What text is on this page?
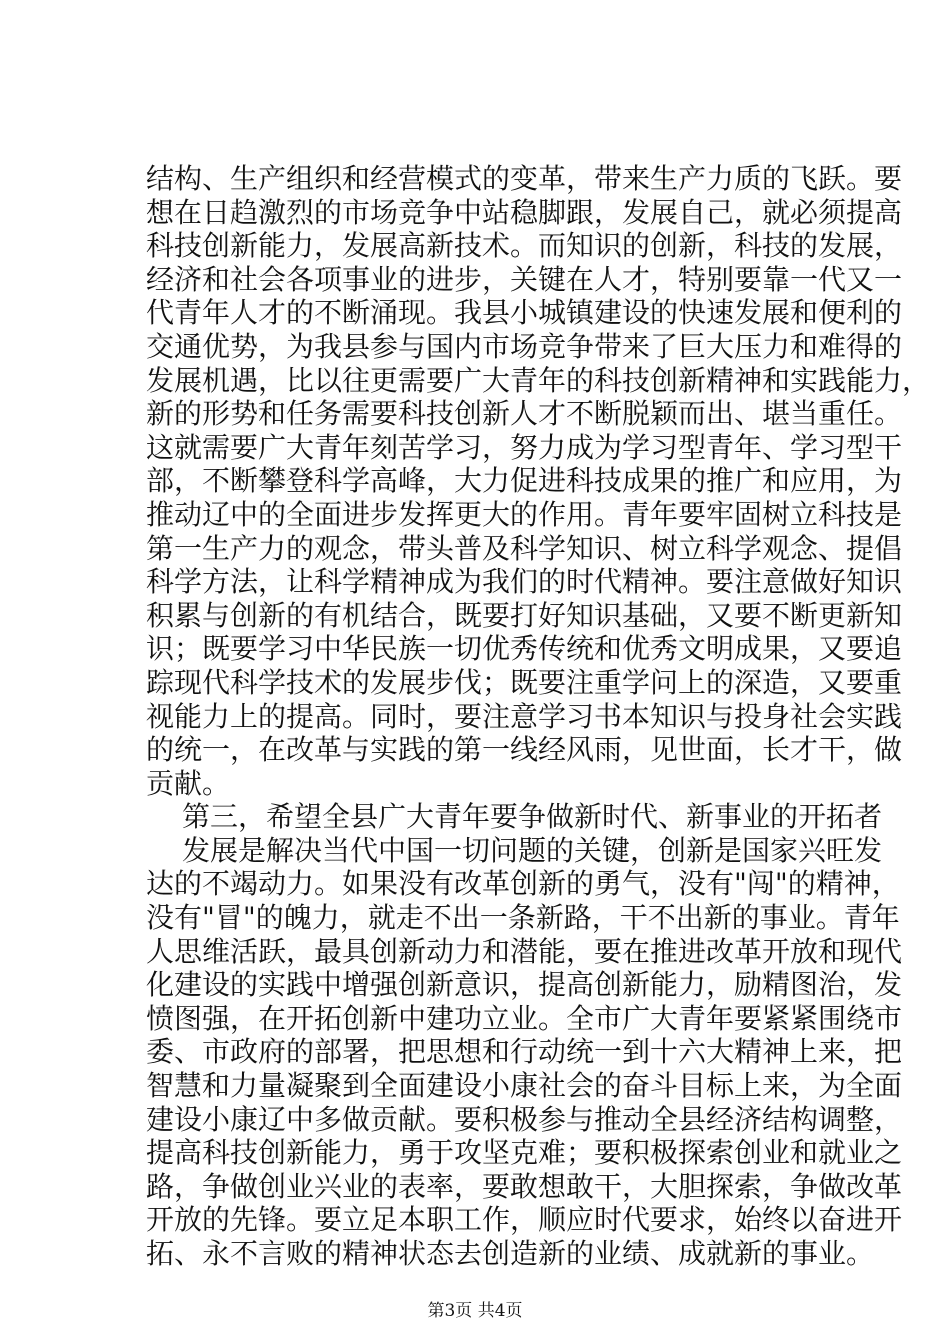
结构、生产组织和经营模式的变革，带来生产力质的飞跃。要
想在日趋激烈的市场竞争中站稳脚跟，发展自己，就必须提高
科技创新能力，发展高新技术。而知识的创新，科技的发展，
经济和社会各项事业的进步，关键在人才，特别要靠一代又一
代青年人才的不断涌现。我县小城镇建设的快速发展和便利的
交通优势，为我县参与国内市场竞争带来了巨大压力和难得的
发展机遇，比以往更需要广大青年的科技创新精神和实践能力，
新的形势和任务需要科技创新人才不断脱颖而出、堪当重任。
这就需要广大青年刻苦学习，努力成为学习型青年、学习型干
部，不断攀登科学高峰，大力促进科技成果的推广和应用，为
推动辽中的全面进步发挥更大的作用。青年要牢固树立科技是
第一生产力的观念，带头普及科学知识、树立科学观念、提倡
科学方法，让科学精神成为我们的时代精神。要注意做好知识
积累与创新的有机结合，既要打好知识基础，又要不断更新知
识；既要学习中华民族一切优秀传统和优秀文明成果，又要追
踪现代科学技术的发展步伐；既要注重学问上的深造，又要重
视能力上的提高。同时，要注意学习书本知识与投身社会实践
的统一，在改革与实践的第一线经风雨，见世面，长才干，做
贡献。
第三，希望全县广大青年要争做新时代、新事业的开拓者
发展是解决当代中国一切问题的关键，创新是国家兴旺发
达的不竭动力。如果没有改革创新的勇气，没有"闯"的精神，
没有"冒"的魄力，就走不出一条新路，干不出新的事业。青年
人思维活跃，最具创新动力和潜能，要在推进改革开放和现代
化建设的实践中增强创新意识，提高创新能力，励精图治，发
愤图强，在开拓创新中建功立业。全市广大青年要紧紧围绕市
委、市政府的部署，把思想和行动统一到十六大精神上来，把
智慧和力量凝聚到全面建设小康社会的奋斗目标上来，为全面
建设小康辽中多做贡献。要积极参与推动全县经济结构调整，
提高科技创新能力，勇于攻坚克难；要积极探索创业和就业之
路，争做创业兴业的表率，要敢想敢干，大胆探索，争做改革
开放的先锋。要立足本职工作，顺应时代要求，始终以奋进开
拓、永不言败的精神状态去创造新的业绩、成就新的事业。
第3页 共4页
